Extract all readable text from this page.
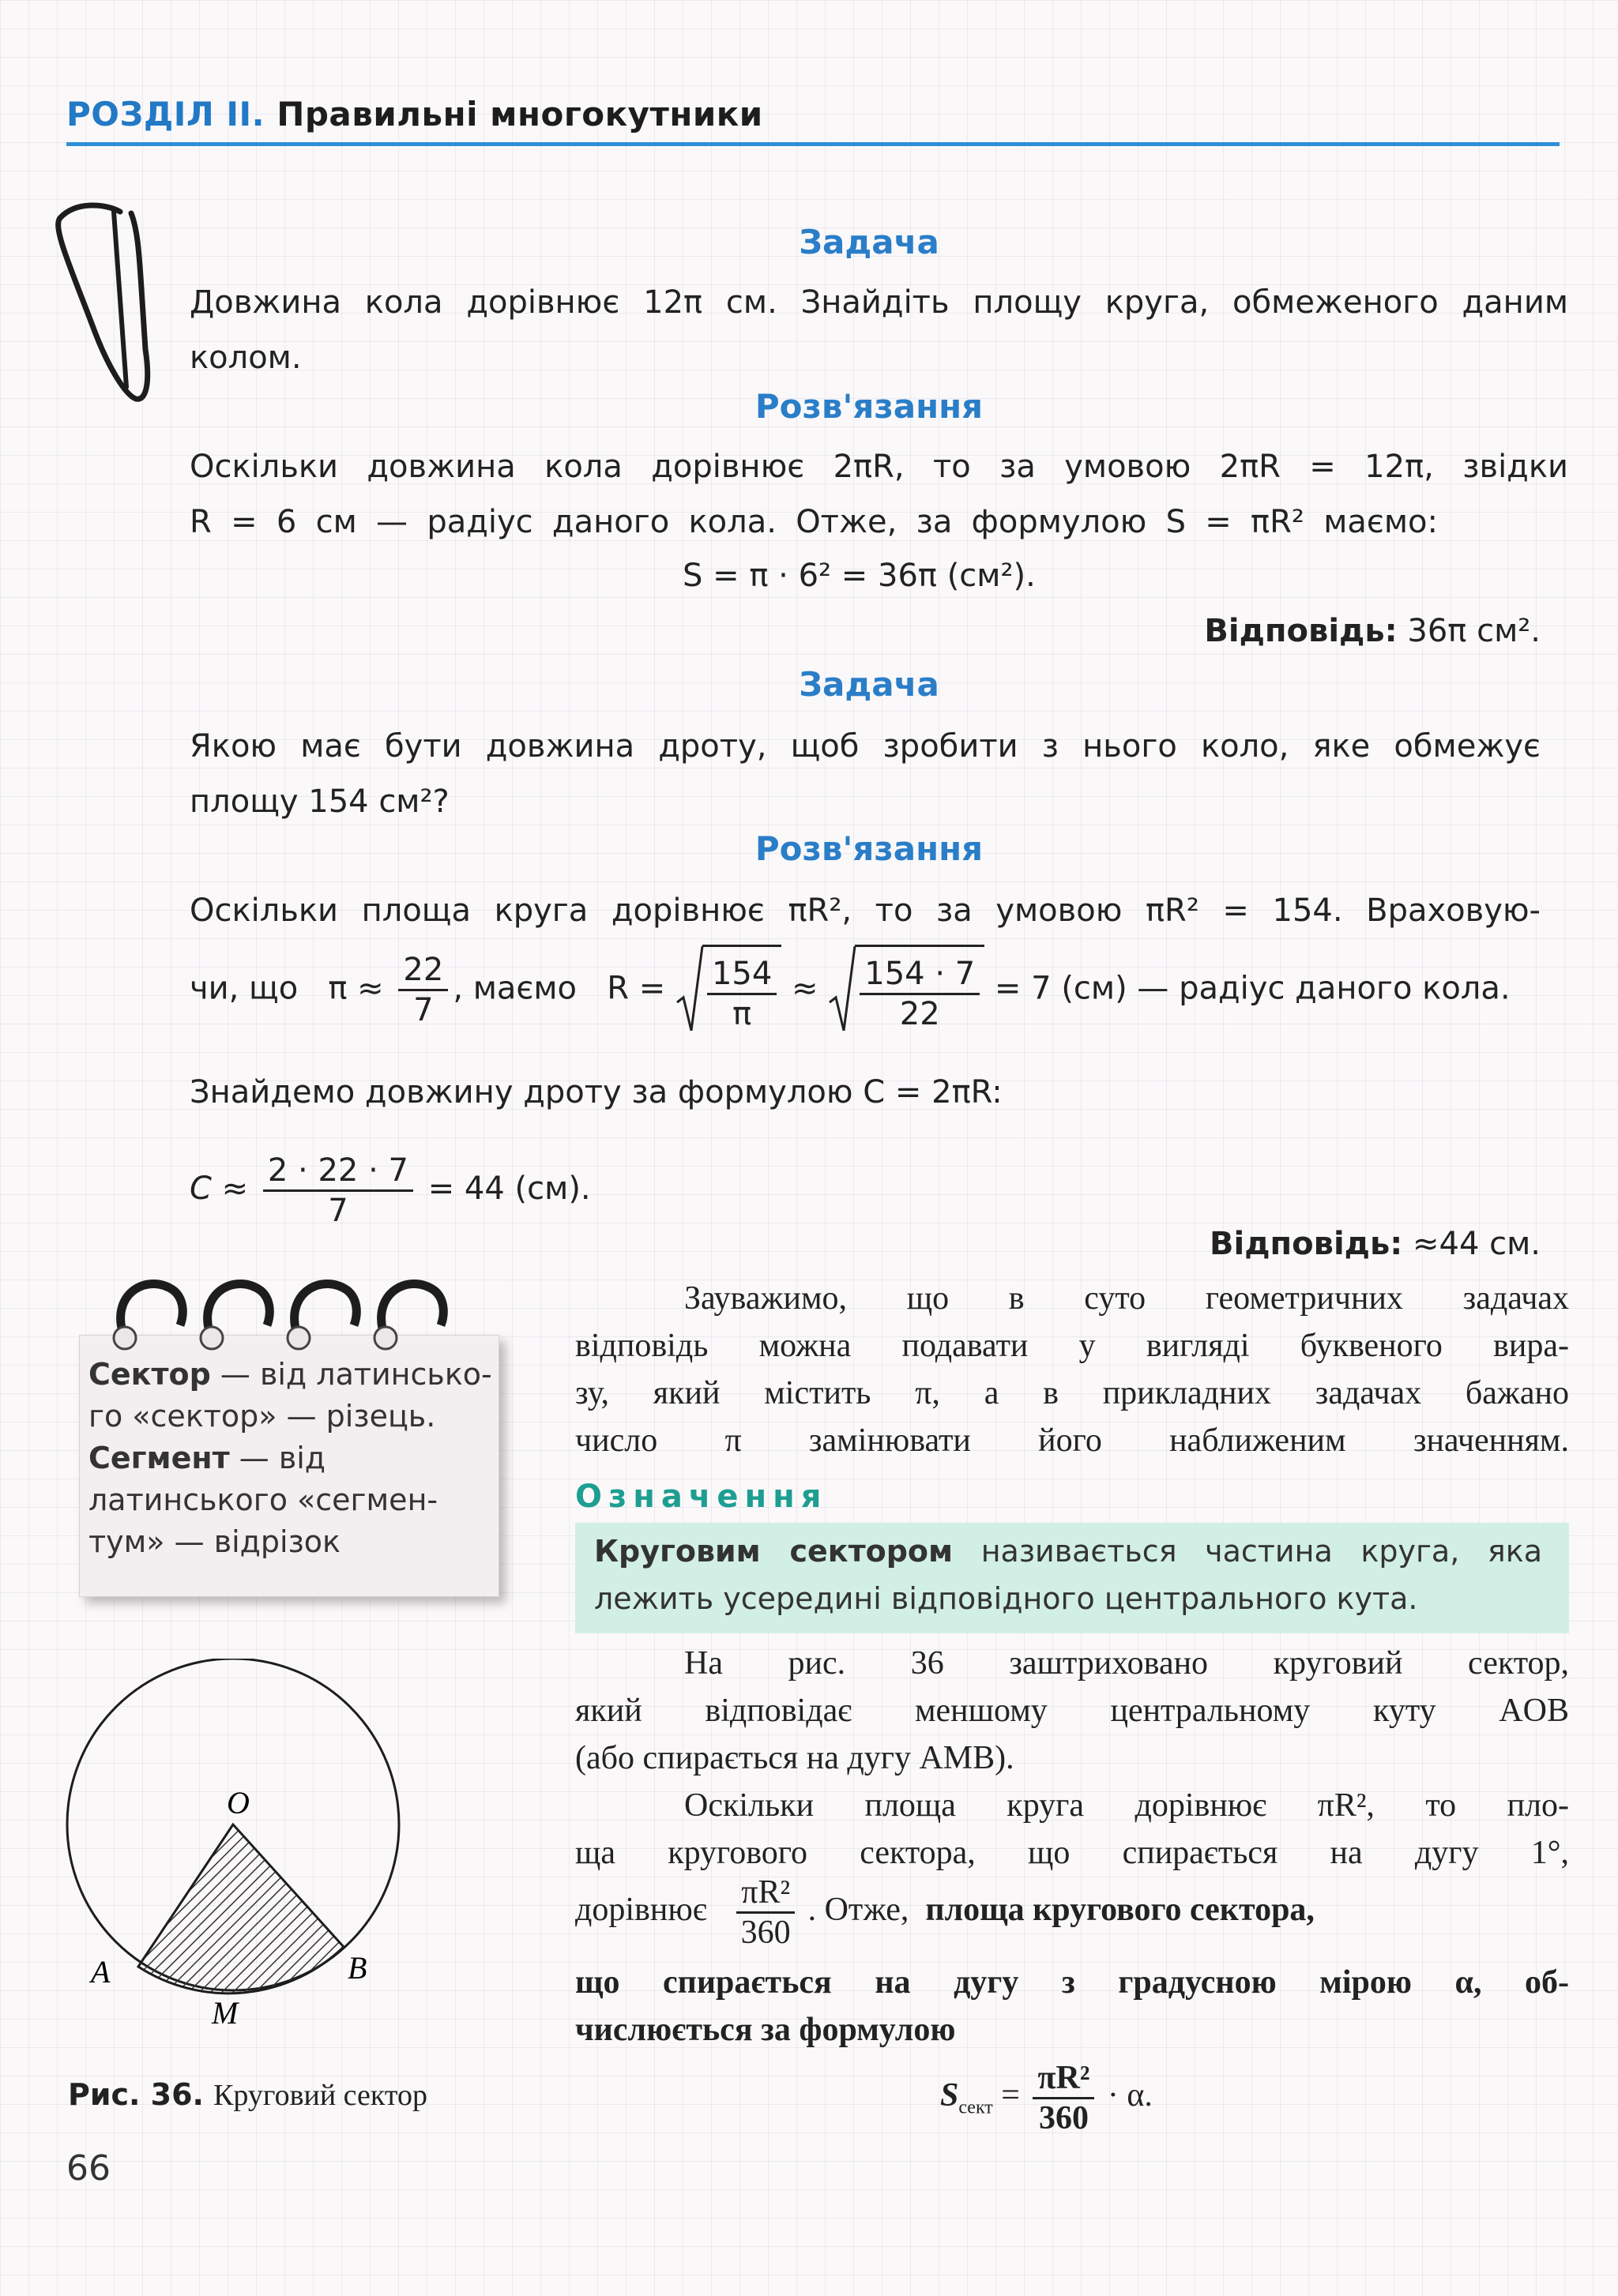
РОЗДІЛ ІІ. Правильні многокутники
Задача
Довжина кола дорівнює 12π см. Знайдіть площу круга, обмеженого даним
колом.
Розв'язання
Оскільки довжина кола дорівнює 2πR, то за умовою 2πR = 12π, звідки
R = 6 см — радіус даного кола. Отже, за формулою S = πR² маємо:
S = π · 6² = 36π (см²).
Відповідь: 36π см².
Задача
Якою має бути довжина дроту, щоб зробити з нього коло, яке обмежує
площу 154 см²?
Розв'язання
Оскільки площа круга дорівнює πR², то за умовою πR² = 154. Враховую-
чи, що $\pi \approx \frac{22}{7}$ , маємо $R = \frac{154}{\pi} \approx \frac{154 \cdot 7}{22} = 7$ (см) — радіус даного кола.
Знайдемо довжину дроту за формулою C = 2πR:
$C \approx \frac{2 \cdot 22 \cdot 7}{7} = 44$ (см).
Відповідь: ≈44 см.
Сектор — від латинсько-го «сектор» — різець.
Сегмент — від латинського «сегмен-тум» — відрізок
Зауважимо, що в суто геометричних задачах
відповідь можна подавати у вигляді буквеного вира-
зу, який містить π, а в прикладних задачах бажано
число π замінювати його наближеним значенням.
Означення
Круговим сектором називається частина круга, яка
лежить усередині відповідного центрального кута.
На рис. 36 заштриховано круговий сектор,
який відповідає меншому центральному куту AOB
(або спирається на дугу AMB).
Оскільки площа круга дорівнює πR², то пло-
ща кругового сектора, що спирається на дугу 1°,
дорівнює $\frac{\text{πR²}}{360}$ . Отже, площа кругового сектора,
що спирається на дугу з градусною мірою α, об-
числюється за формулою
$S_{сект} = \frac{\text{πR²}}{360} \cdot \alpha$.
O
A	B
M
Рис. 36. Круговий сектор
66
